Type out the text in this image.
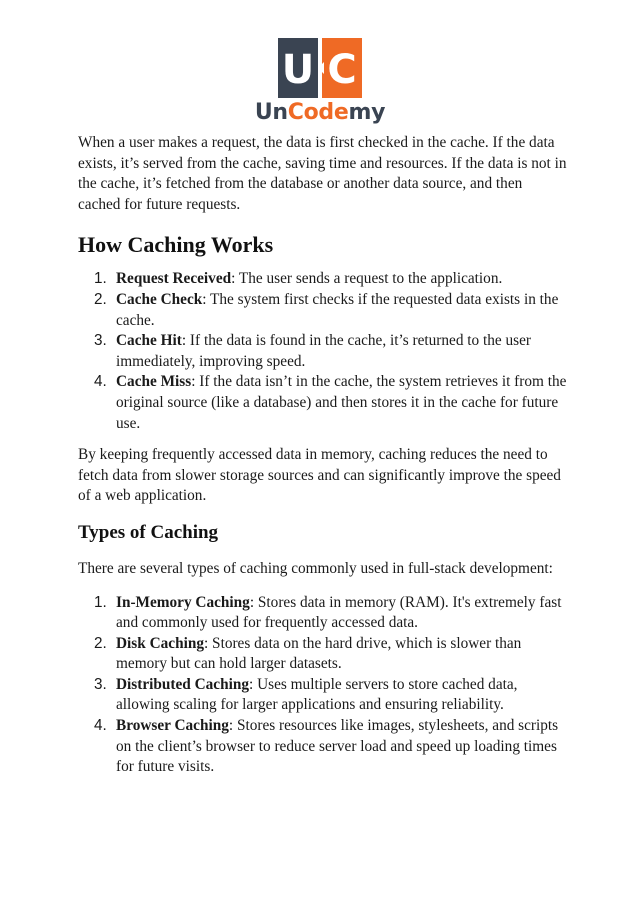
U C
UnCodemy

When a user makes a request, the data is first checked in the cache. If the data exists, it’s served from the cache, saving time and resources. If the data is not in the cache, it’s fetched from the database or another data source, and then cached for future requests.

How Caching Works
1. Request Received: The user sends a request to the application.
2. Cache Check: The system first checks if the requested data exists in the cache.
3. Cache Hit: If the data is found in the cache, it’s returned to the user immediately, improving speed.
4. Cache Miss: If the data isn’t in the cache, the system retrieves it from the original source (like a database) and then stores it in the cache for future use.

By keeping frequently accessed data in memory, caching reduces the need to fetch data from slower storage sources and can significantly improve the speed of a web application.

Types of Caching

There are several types of caching commonly used in full-stack development:

1. In-Memory Caching: Stores data in memory (RAM). It's extremely fast and commonly used for frequently accessed data.
2. Disk Caching: Stores data on the hard drive, which is slower than memory but can hold larger datasets.
3. Distributed Caching: Uses multiple servers to store cached data, allowing scaling for larger applications and ensuring reliability.
4. Browser Caching: Stores resources like images, stylesheets, and scripts on the client’s browser to reduce server load and speed up loading times for future visits.
